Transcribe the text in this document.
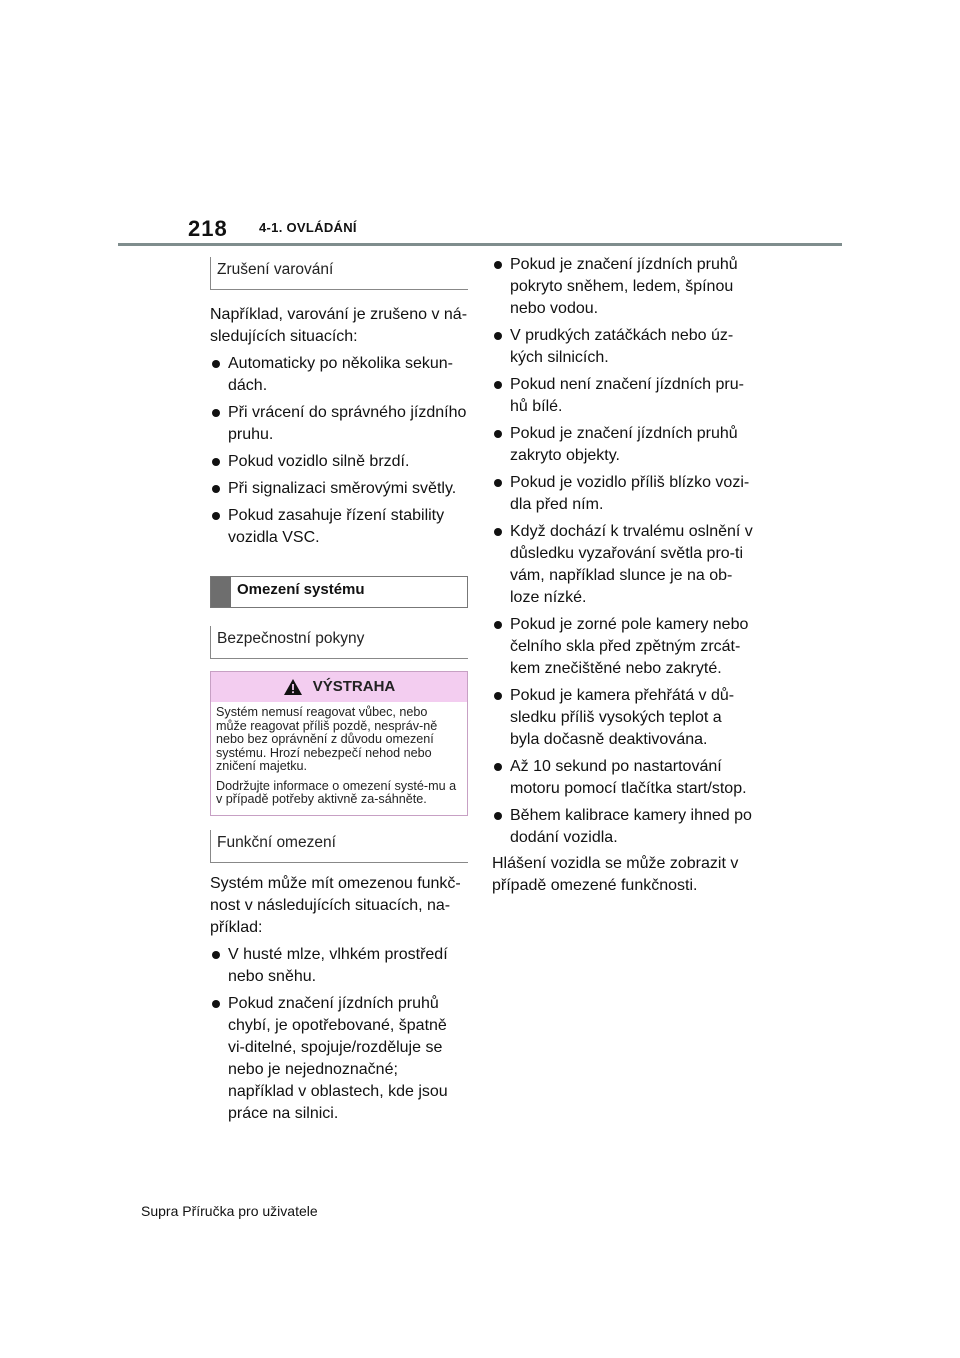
218 4-1. OVLÁDÁNÍ
Zrušení varování

Například, varování je zrušeno v ná-sledujících situacích:

Automaticky po několika sekun-dách.
Při vrácení do správného jízdního pruhu.
Pokud vozidlo silně brzdí.
Při signalizaci směrovými světly.
Pokud zasahuje řízení stability vozidla VSC.
Omezení systému
Bezpečnostní pokyny
VÝSTRAHA

Systém nemusí reagovat vůbec, nebo může reagovat příliš pozdě, nespráv-ně nebo bez oprávnění z důvodu omezení systému. Hrozí nebezpečí nehod nebo zničení majetku.

Dodržujte informace o omezení systé-mu a v případě potřeby aktivně za-sáhněte.

Funkční omezení

Systém může mít omezenou funkč-nost v následujících situacích, na-příklad:

V husté mlze, vlhkém prostředí nebo sněhu.
Pokud značení jízdních pruhů chybí, je opotřebované, špatně vi-ditelné, spojuje/rozděluje se nebo je nejednoznačné; například v oblastech, kde jsou práce na silnici.
Pokud je značení jízdních pruhů pokryto sněhem, ledem, špínou nebo vodou.
V prudkých zatáčkách nebo úz-kých silnicích.
Pokud není značení jízdních pru-hů bílé.
Pokud je značení jízdních pruhů zakryto objekty.
Pokud je vozidlo příliš blízko vozi-dla před ním.
Když dochází k trvalému oslnění v důsledku vyzařování světla pro-ti vám, například slunce je na ob-loze nízké.
Pokud je zorné pole kamery nebo čelního skla před zpětným zrcát-kem znečištěné nebo zakryté.
Pokud je kamera přehřátá v dů-sledku příliš vysokých teplot a byla dočasně deaktivována.
Až 10 sekund po nastartování motoru pomocí tlačítka start/stop.
Během kalibrace kamery ihned po dodání vozidla.

Hlášení vozidla se může zobrazit v případě omezené funkčnosti.

Supra Příručka pro uživatele
